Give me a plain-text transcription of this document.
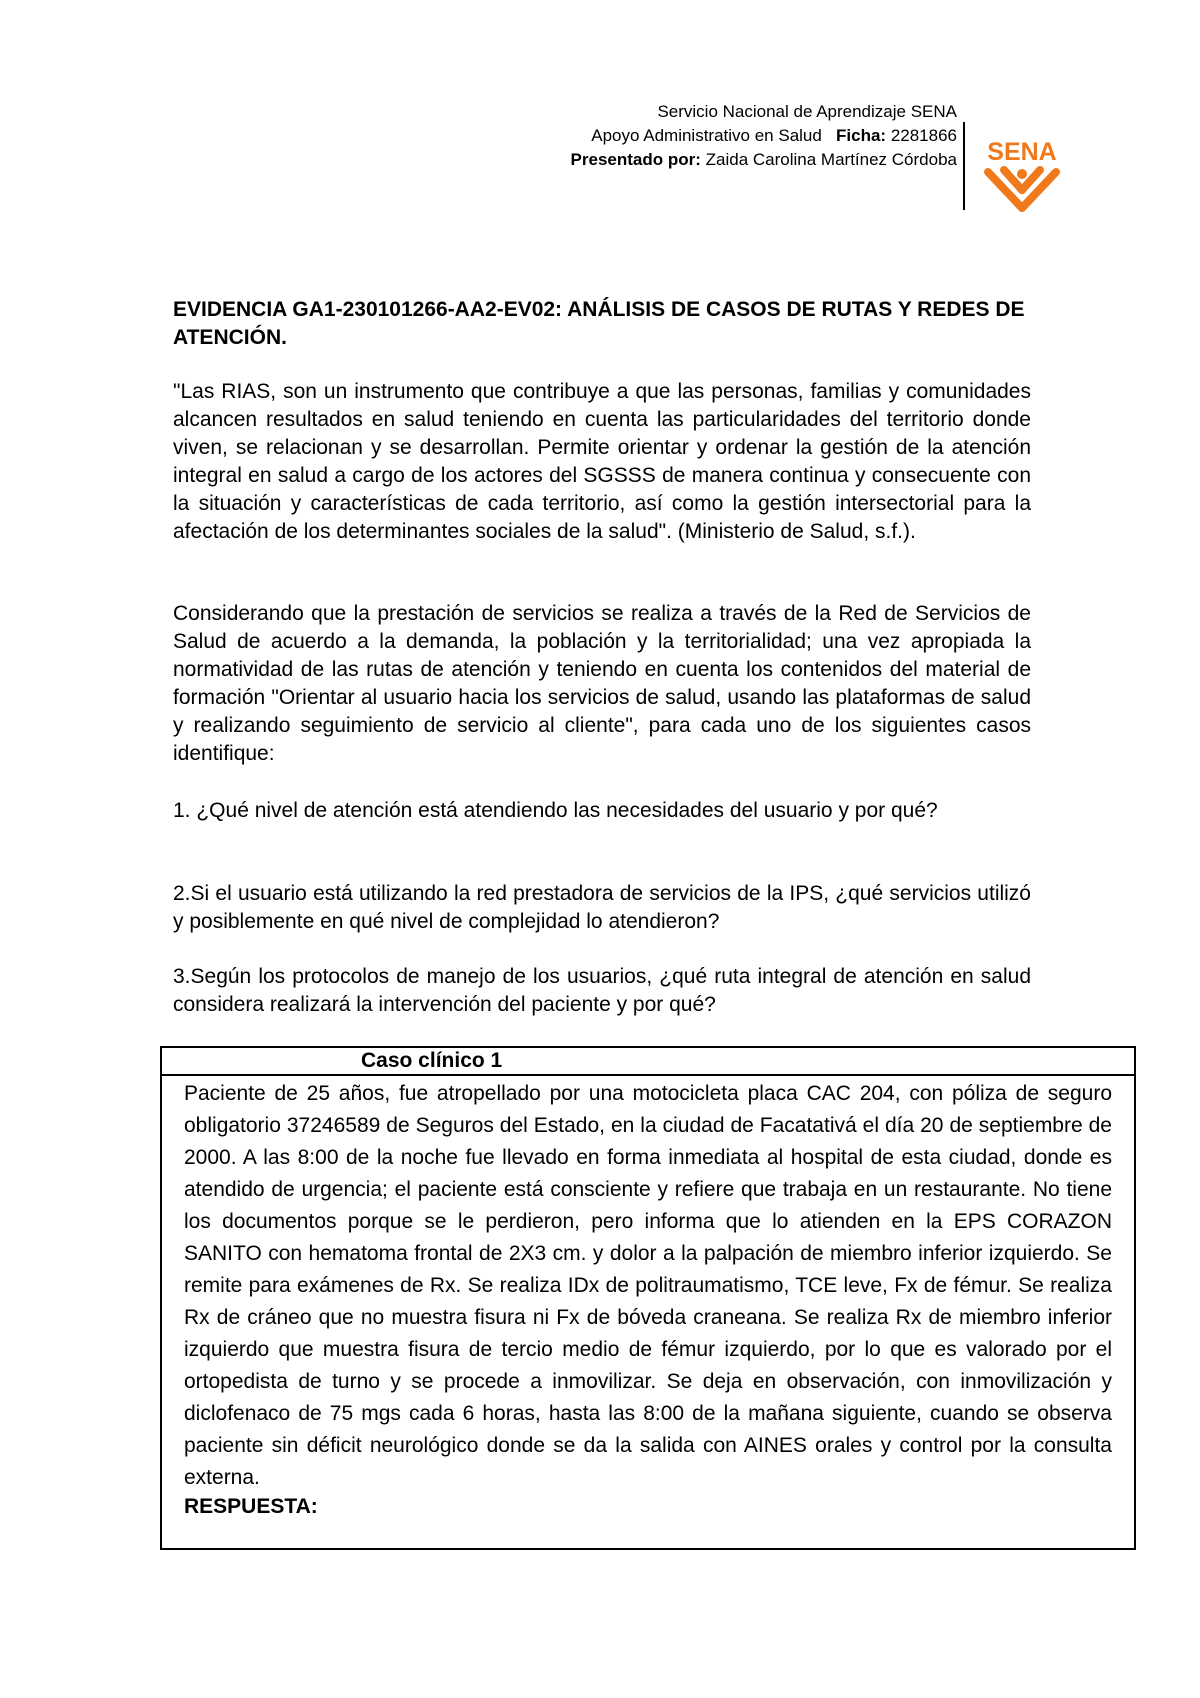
Servicio Nacional de Aprendizaje SENA
Apoyo Administrativo en Salud Ficha: 2281866
Presentado por: Zaida Carolina Martínez Córdoba SENA
EVIDENCIA GA1-230101266-AA2-EV02: ANÁLISIS DE CASOS DE RUTAS Y REDES DE ATENCIÓN.

"Las RIAS, son un instrumento que contribuye a que las personas, familias y comunidades alcancen resultados en salud teniendo en cuenta las particularidades del territorio donde viven, se relacionan y se desarrollan. Permite orientar y ordenar la gestión de la atención integral en salud a cargo de los actores del SGSSS de manera continua y consecuente con la situación y características de cada territorio, así como la gestión intersectorial para la afectación de los determinantes sociales de la salud". (Ministerio de Salud, s.f.).

Considerando que la prestación de servicios se realiza a través de la Red de Servicios de Salud de acuerdo a la demanda, la población y la territorialidad; una vez apropiada la normatividad de las rutas de atención y teniendo en cuenta los contenidos del material de formación "Orientar al usuario hacia los servicios de salud, usando las plataformas de salud y realizando seguimiento de servicio al cliente", para cada uno de los siguientes casos identifique:

1. ¿Qué nivel de atención está atendiendo las necesidades del usuario y por qué?

2.Si el usuario está utilizando la red prestadora de servicios de la IPS, ¿qué servicios utilizó y posiblemente en qué nivel de complejidad lo atendieron?

3.Según los protocolos de manejo de los usuarios, ¿qué ruta integral de atención en salud considera realizará la intervención del paciente y por qué?

Caso clínico 1
Paciente de 25 años, fue atropellado por una motocicleta placa CAC 204, con póliza de seguro obligatorio 37246589 de Seguros del Estado, en la ciudad de Facatativá el día 20 de septiembre de 2000. A las 8:00 de la noche fue llevado en forma inmediata al hospital de esta ciudad, donde es atendido de urgencia; el paciente está consciente y refiere que trabaja en un restaurante. No tiene los documentos porque se le perdieron, pero informa que lo atienden en la EPS CORAZON SANITO con hematoma frontal de 2X3 cm. y dolor a la palpación de miembro inferior izquierdo. Se remite para exámenes de Rx. Se realiza IDx de politraumatismo, TCE leve, Fx de fémur. Se realiza Rx de cráneo que no muestra fisura ni Fx de bóveda craneana. Se realiza Rx de miembro inferior izquierdo que muestra fisura de tercio medio de fémur izquierdo, por lo que es valorado por el ortopedista de turno y se procede a inmovilizar. Se deja en observación, con inmovilización y diclofenaco de 75 mgs cada 6 horas, hasta las 8:00 de la mañana siguiente, cuando se observa paciente sin déficit neurológico donde se da la salida con AINES orales y control por la consulta externa.
RESPUESTA:
